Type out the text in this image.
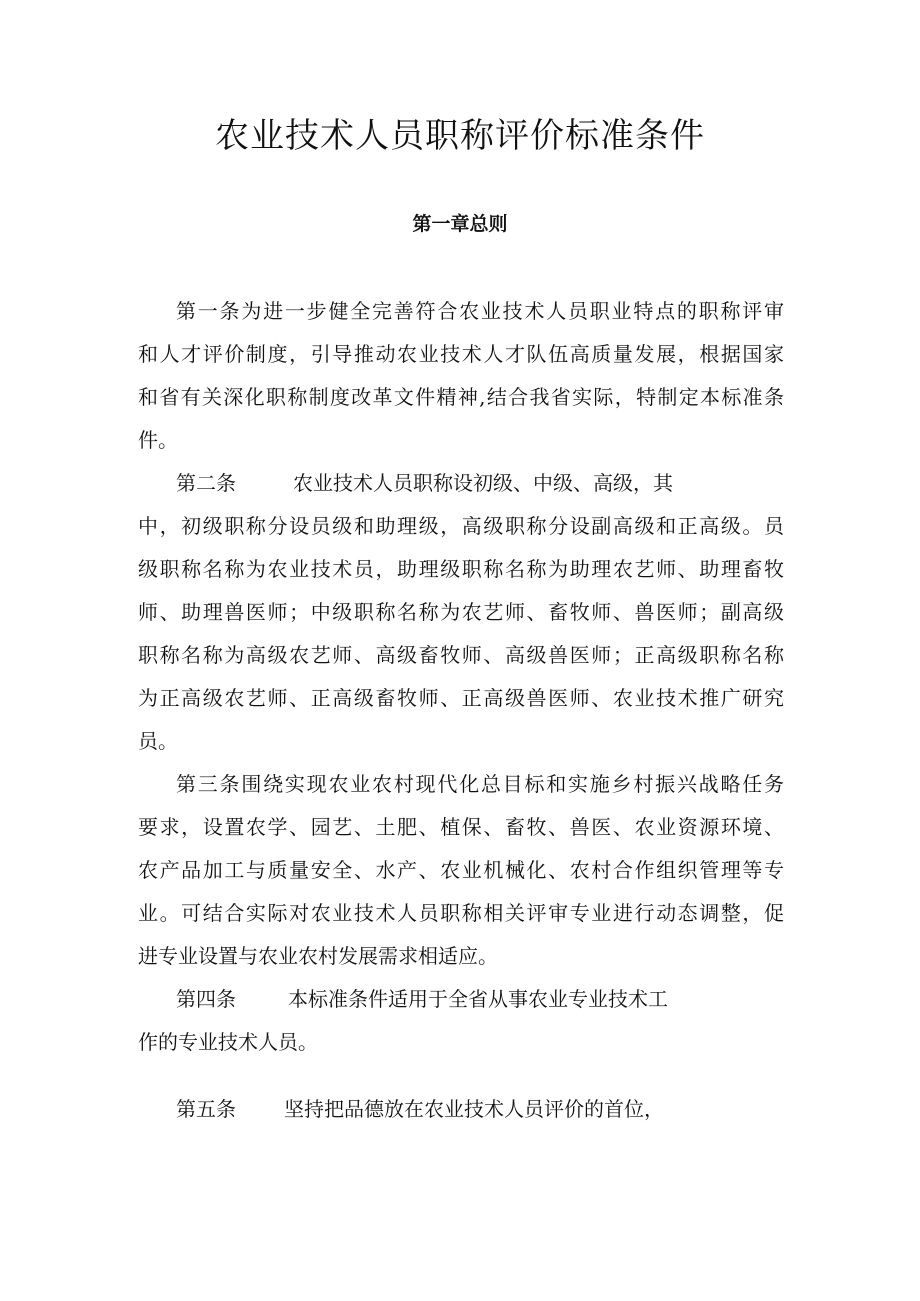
农业技术人员职称评价标准条件
第一章总则

第一条为进一步健全完善符合农业技术人员职业特点的职称评审

和人才评价制度，引导推动农业技术人才队伍高质量发展，根据国家

和省有关深化职称制度改革文件精神,结合我省实际，特制定本标准条

件。

第二条	农业技术人员职称设初级、中级、高级，其

中，初级职称分设员级和助理级，高级职称分设副高级和正高级。员

级职称名称为农业技术员，助理级职称名称为助理农艺师、助理畜牧

师、助理兽医师；中级职称名称为农艺师、畜牧师、兽医师；副高级

职称名称为高级农艺师、高级畜牧师、高级兽医师；正高级职称名称

为正高级农艺师、正高级畜牧师、正高级兽医师、农业技术推广研究

员。

第三条围绕实现农业农村现代化总目标和实施乡村振兴战略任务

要求，设置农学、园艺、土肥、植保、畜牧、兽医、农业资源环境、

农产品加工与质量安全、水产、农业机械化、农村合作组织管理等专

业。可结合实际对农业技术人员职称相关评审专业进行动态调整，促

进专业设置与农业农村发展需求相适应。

第四条	本标准条件适用于全省从事农业专业技术工

作的专业技术人员。

第五条 坚持把品德放在农业技术人员评价的首位，
